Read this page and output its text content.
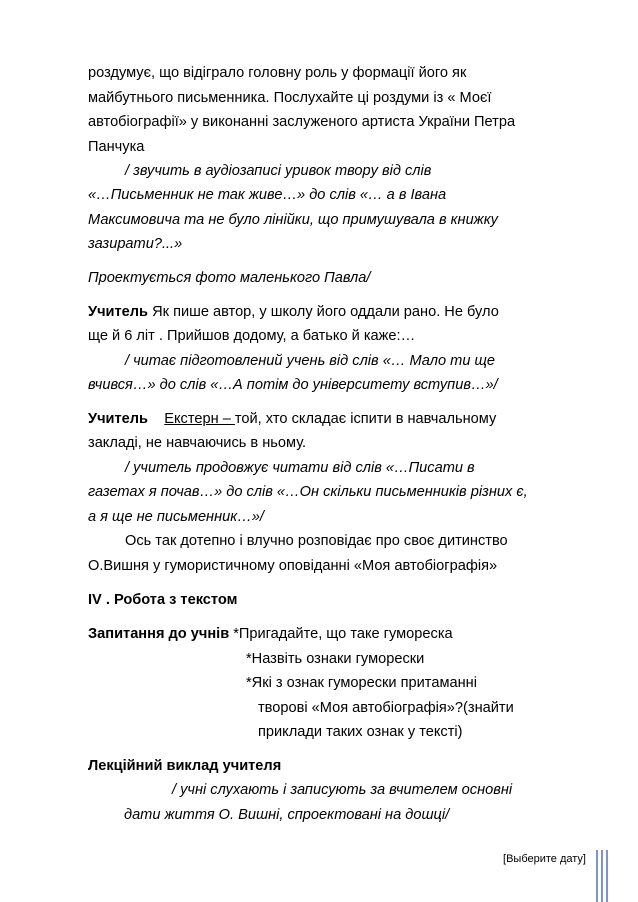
роздумує, що відіграло головну роль у формації його як
майбутнього письменника. Послухайте ці роздуми із « Моєї
автобіографії» у виконанні заслуженого артиста України Петра
Панчука
/ звучить в аудіозаписі уривок творy від слів
«…Письменник не так живе…» до слів «… а в Івана
Максимовича та не було лінійки, що примушувала в книжку
зазирати?...»
Проектується фото маленького Павла/
Учитель Як пише автор, у школу його оддали рано. Не було
ще й 6 літ . Прийшов додому, а батько й каже:…
/ читає підготовлений учень від слів «… Мало ти ще
вчився…» до слів «…А потім до університету вступив…»/
Учитель Екстерн – той, хто складає іспити в навчальному
закладі, не навчаючись в ньому.
/ учитель продовжує читати від слів «…Писати в
газетах я почав…» до слів «…Он скільки письменників різних є,
а я ще не письменник…»/
Ось так дотепно і влучно розповідає про своє дитинство
О.Вишня у гумористичному оповіданні «Моя автобіографія»
ІV . Робота з текстом
Запитання до учнів *Пригадайте, що таке гумореска
*Назвіть ознаки гуморески
*Які з ознак гуморески притаманні
творові «Моя автобіографія»?(знайти
приклади таких ознак у тексті)
Лекційний виклад учителя
/ учні слухають і записують за вчителем основні
дати життя О. Вишні, спроектовані на дошці/
[Выберите дату]
